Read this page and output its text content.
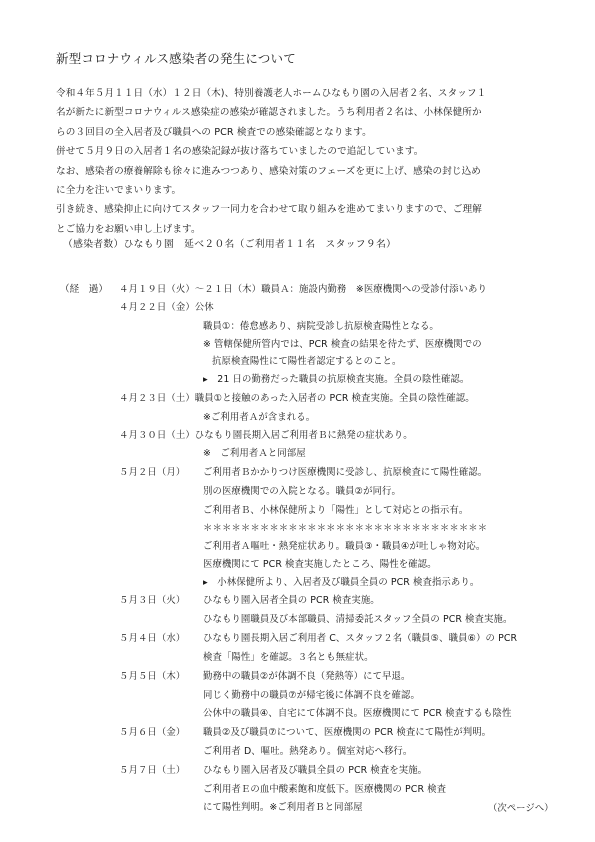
新型コロナウィルス感染者の発生について
令和４年５月１１日（水）１２日（木)、特別養護老人ホームひなもり園の入居者２名、スタッフ１
名が新たに新型コロナウィルス感染症の感染が確認されました。うち利用者２名は、小林保健所か
らの３回目の全入居者及び職員への PCR 検査での感染確認となります。
併せて５月９日の入居者１名の感染記録が抜け落ちていましたので追記しています。
なお、感染者の療養解除も徐々に進みつつあり、感染対策のフェーズを更に上げ、感染の封じ込め
に全力を注いでまいります。
引き続き、感染抑止に向けてスタッフ一同力を合わせて取り組みを進めてまいりますので、ご理解
とご協力をお願い申し上げます。
（感染者数）ひなもり園　延べ２０名（ご利用者１１名　スタッフ９名）
（経　過） ４月１９日（火）～２１日（木）職員Ａ：施設内勤務　※医療機関への受診付添いあり
４月２２日（金）公休
職員①：倦怠感あり、病院受診し抗原検査陽性となる。
※ 管轄保健所管内では、PCR 検査の結果を待たず、医療機関での
抗原検査陽性にて陽性者認定するとのこと。
▸　21 日の勤務だった職員の抗原検査実施。全員の陰性確認。
４月２３日（土）職員①と接触のあった入居者の PCR 検査実施。全員の陰性確認。
※ご利用者Ａが含まれる。
４月３０日（土）ひなもり園長期入居ご利用者Ｂに熱発の症状あり。
※　ご利用者Ａと同部屋
５月２日（月） ご利用者Ｂかかりつけ医療機関に受診し、抗原検査にて陽性確認。
別の医療機関での入院となる。職員②が同行。
ご利用者Ｂ、小林保健所より「陽性」として対応との指示有。
＊＊＊＊＊＊＊＊＊＊＊＊＊＊＊＊＊＊＊＊＊＊＊＊＊＊＊＊＊＊
ご利用者Ａ嘔吐・熱発症状あり。職員③・職員④が吐しゃ物対応。
医療機関にて PCR 検査実施したところ、陽性を確認。
▸　小林保健所より、入居者及び職員全員の PCR 検査指示あり。
５月３日（火） ひなもり園入居者全員の PCR 検査実施。
ひなもり園職員及び本部職員、清掃委託スタッフ全員の PCR 検査実施。
５月４日（水） ひなもり園長期入居ご利用者 C、スタッフ２名（職員⑤、職員⑥）の PCR
検査「陽性」を確認。３名とも無症状。
５月５日（木） 勤務中の職員②が体調不良（発熱等）にて早退。
同じく勤務中の職員⑦が帰宅後に体調不良を確認。
公休中の職員④、自宅にて体調不良。医療機関にて PCR 検査するも陰性
５月６日（金） 職員②及び職員⑦について、医療機関の PCR 検査にて陽性が判明。
ご利用者 D、嘔吐。熱発あり。個室対応へ移行。
５月７日（土） ひなもり園入居者及び職員全員の PCR 検査を実施。
ご利用者Ｅの血中酸素飽和度低下。医療機関の PCR 検査
にて陽性判明。※ご利用者Ｂと同部屋	（次ページへ）
